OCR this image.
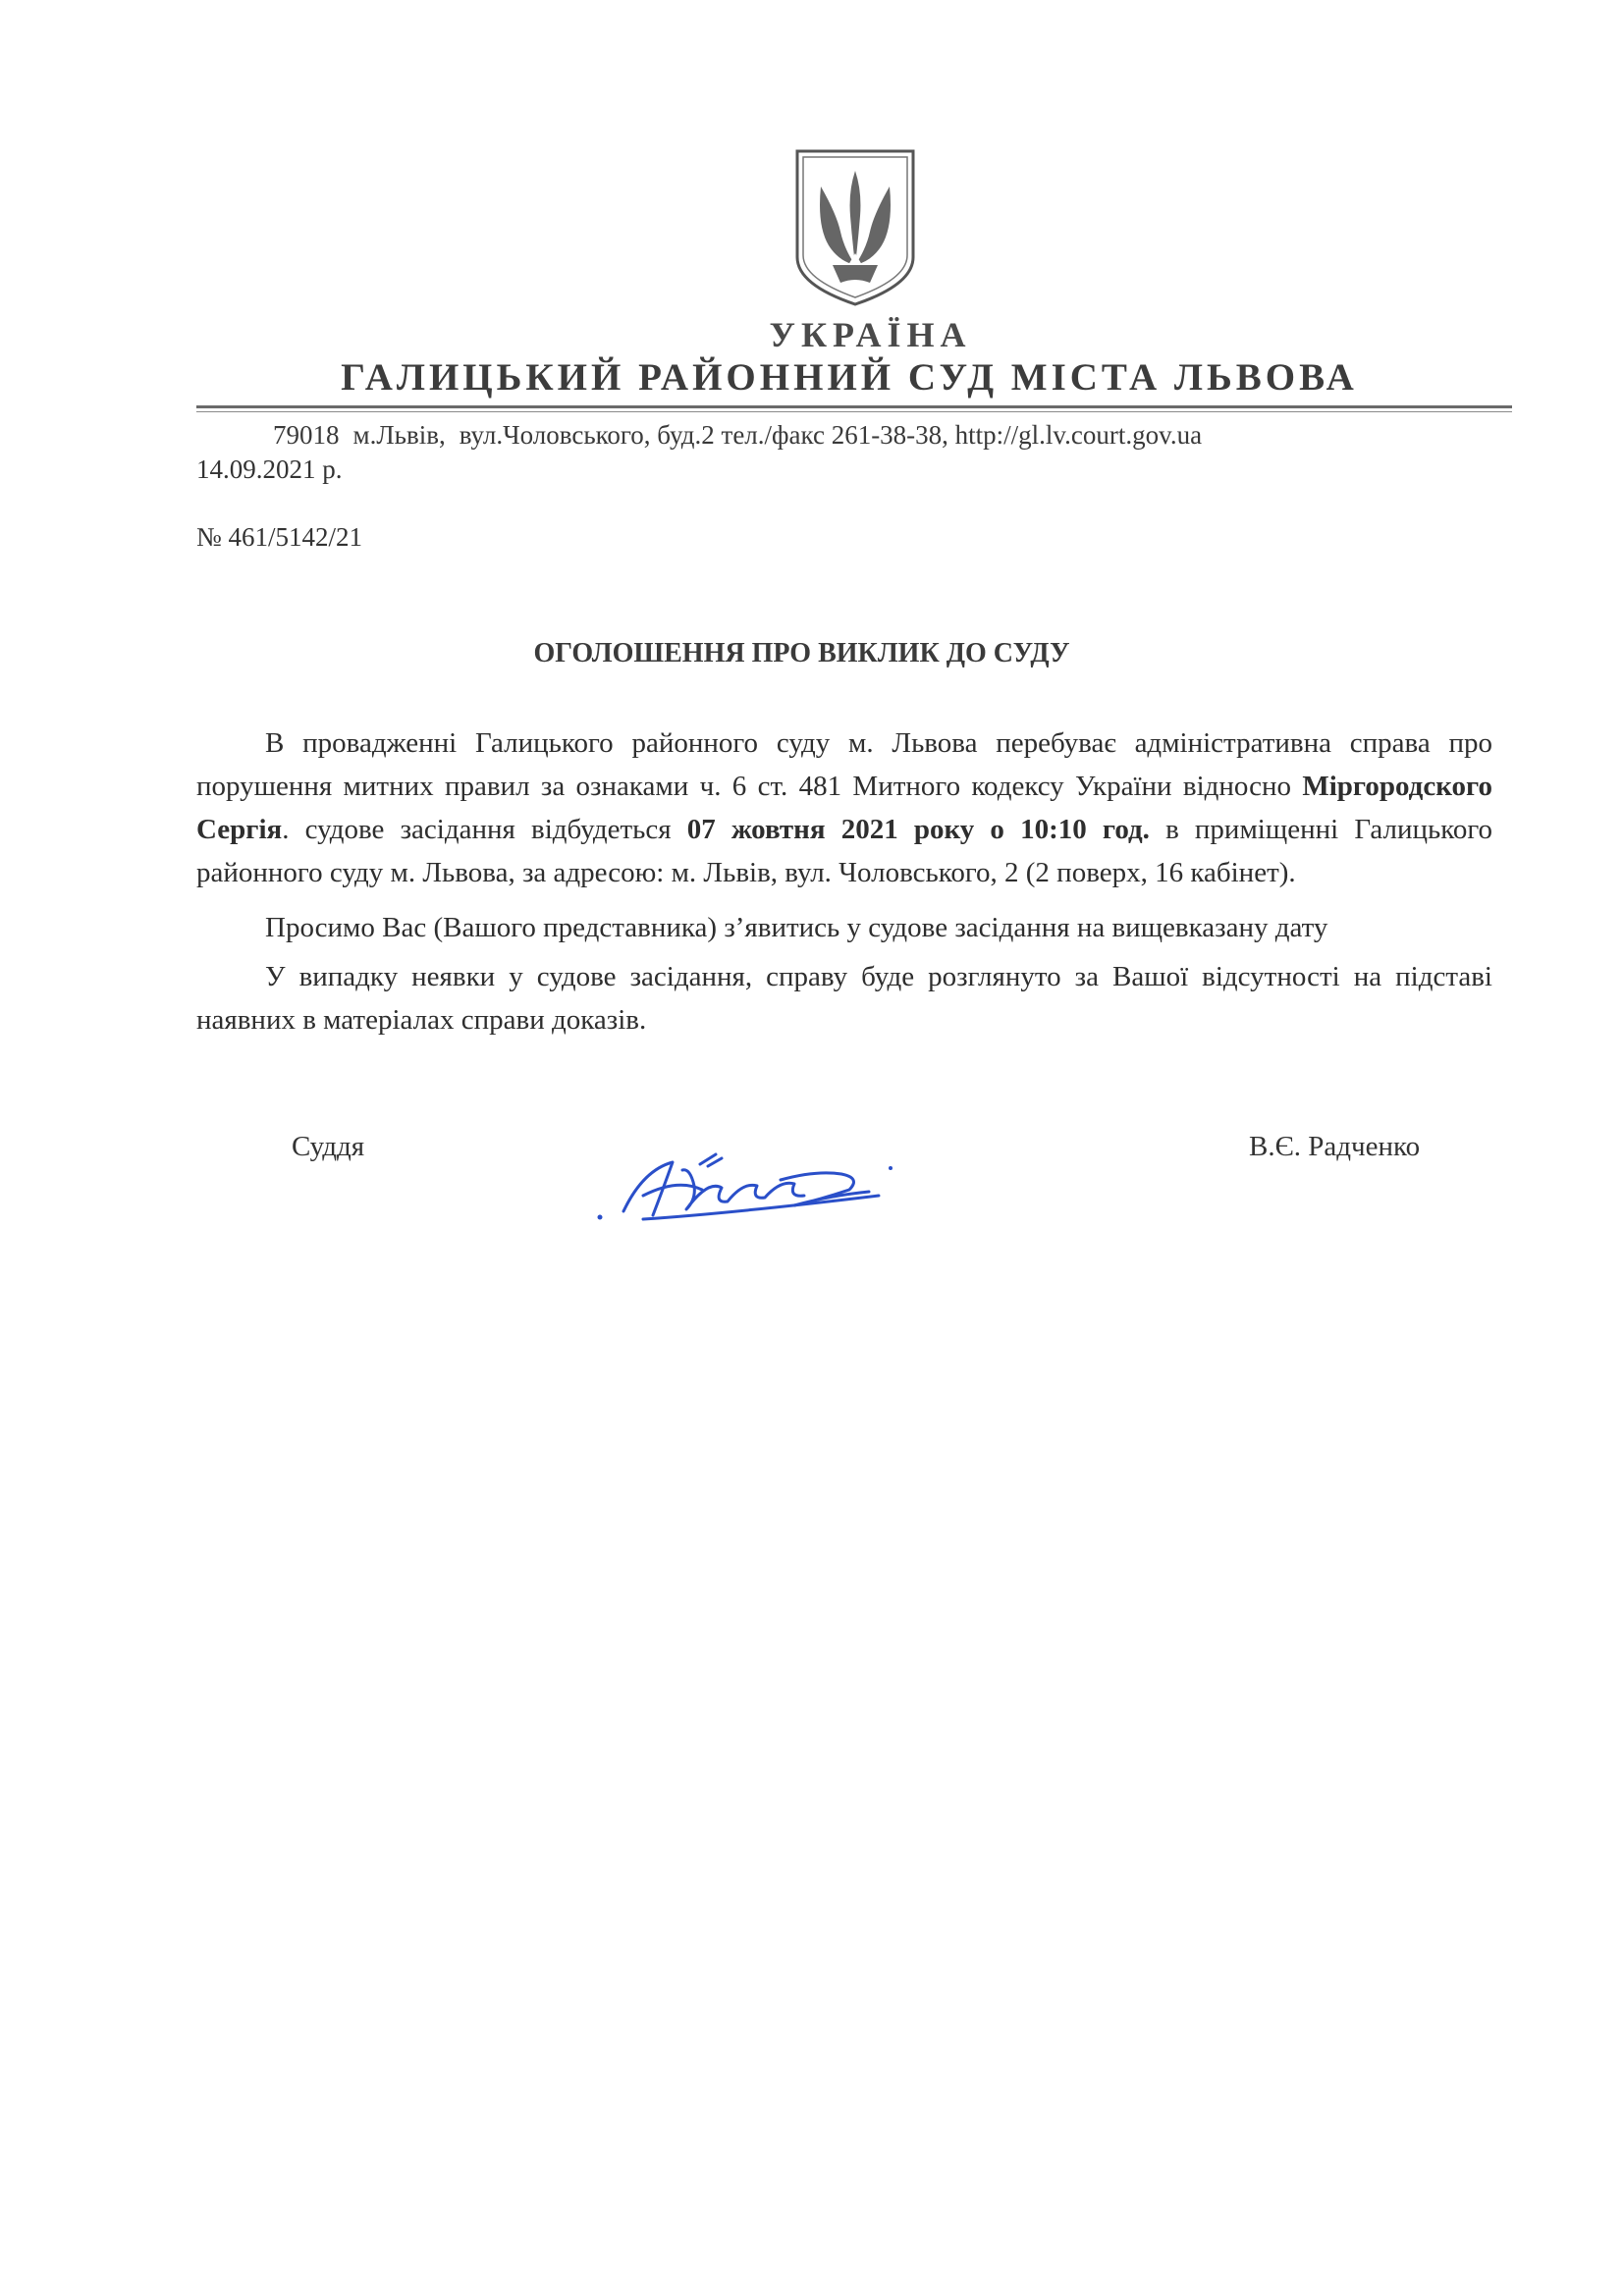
УКРАЇНА
ГАЛИЦЬКИЙ РАЙОННИЙ СУД МІСТА ЛЬВОВА
79018 м.Львів, вул.Чоловського, буд.2 тел./факс 261-38-38, http://gl.lv.court.gov.ua
14.09.2021 р.
№ 461/5142/21
ОГОЛОШЕННЯ ПРО ВИКЛИК ДО СУДУ

В провадженні Галицького районного суду м. Львова перебуває адміністративна справа про порушення митних правил за ознаками ч. 6 ст. 481 Митного кодексу України відносно Міргородского Сергія. судове засідання відбудеться 07 жовтня 2021 року о 10:10 год. в приміщенні Галицького районного суду м. Львова, за адресою: м. Львів, вул. Чоловського, 2 (2 поверх, 16 кабінет).

Просимо Вас (Вашого представника) з’явитись у судове засідання на вищевказану дату

У випадку неявки у судове засідання, справу буде розглянуто за Вашої відсутності на підставі наявних в матеріалах справи доказів.

Суддя	В.Є. Радченко
